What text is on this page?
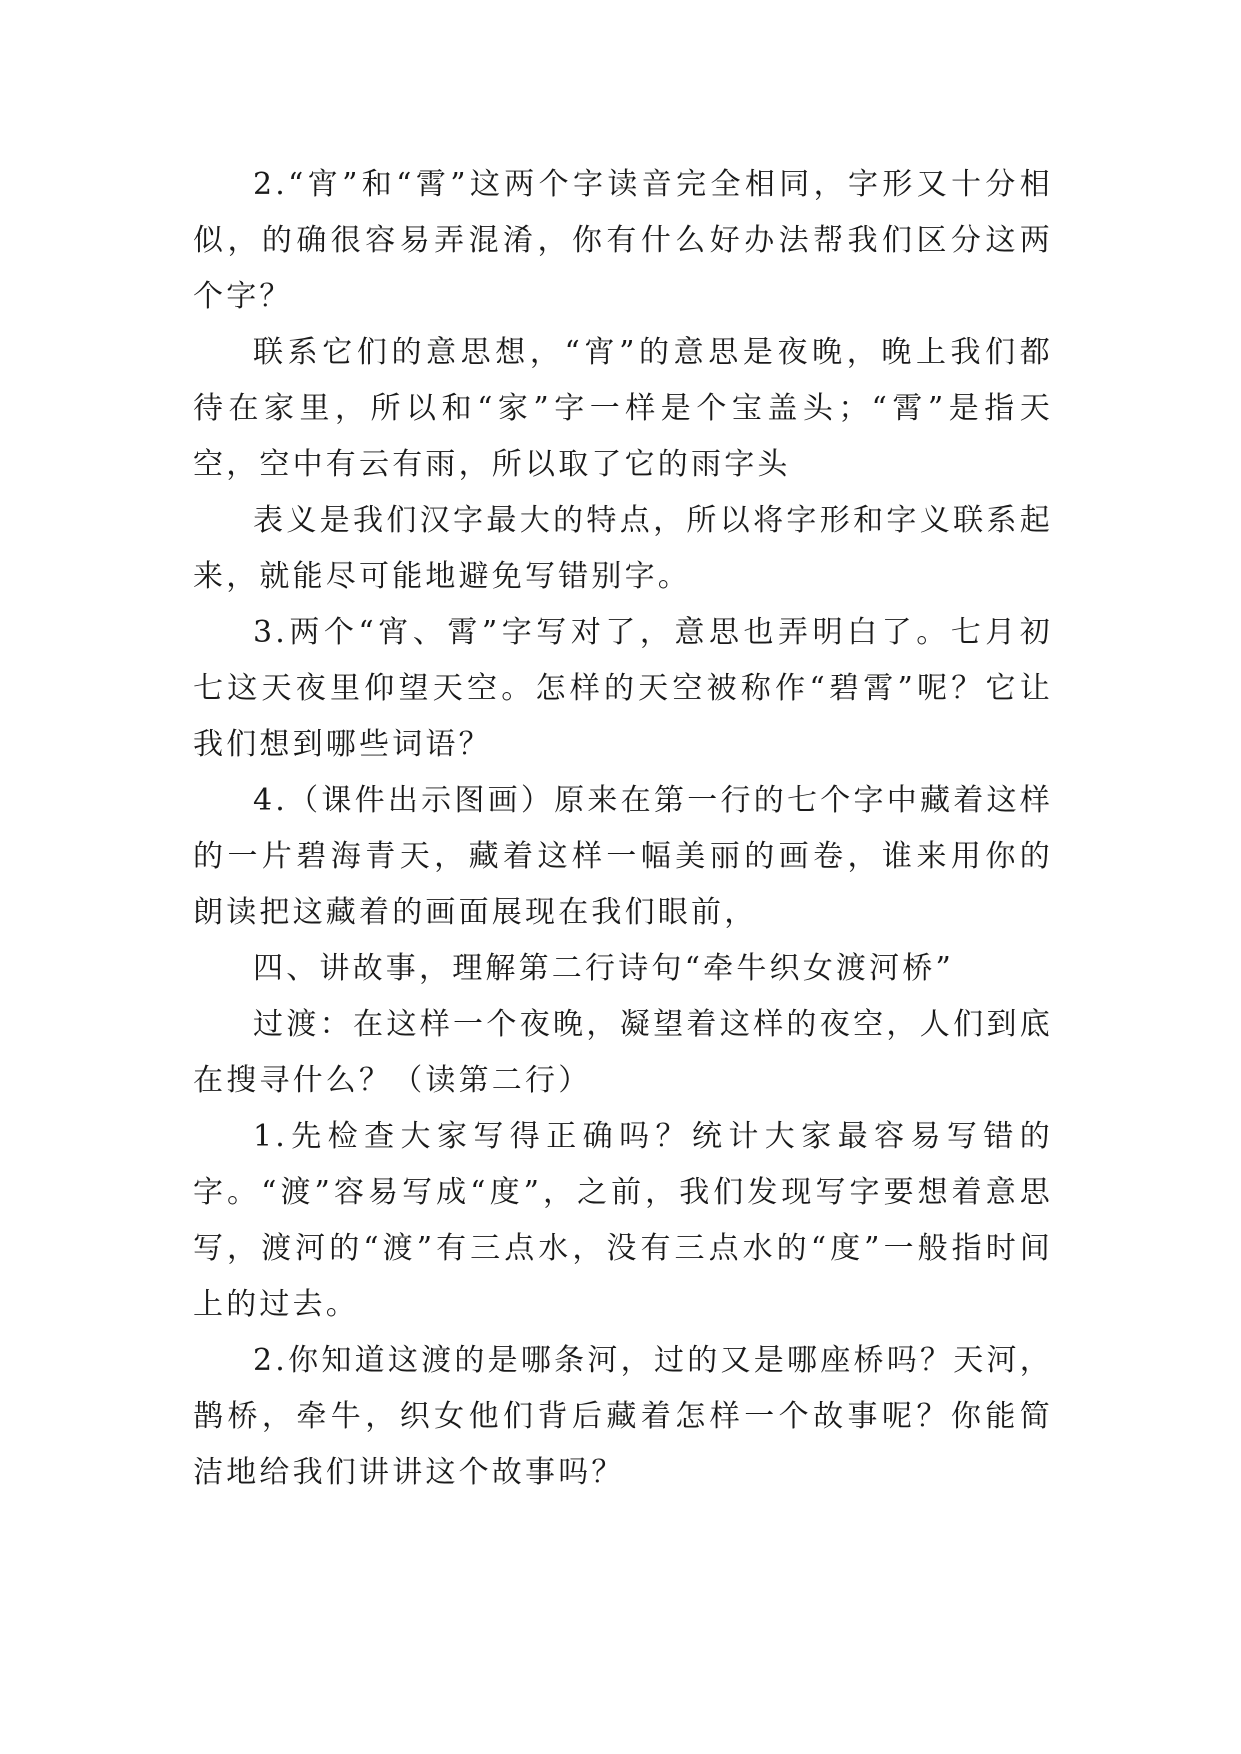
2.“宵”和“霄”这两个字读音完全相同，字形又十分相似，的确很容易弄混淆，你有什么好办法帮我们区分这两个字？

联系它们的意思想，“宵”的意思是夜晚，晚上我们都待在家里，所以和“家”字一样是个宝盖头；“霄”是指天空，空中有云有雨，所以取了它的雨字头

表义是我们汉字最大的特点，所以将字形和字义联系起来，就能尽可能地避免写错别字。

3.两个“宵、霄”字写对了，意思也弄明白了。七月初七这天夜里仰望天空。怎样的天空被称作“碧霄”呢？它让我们想到哪些词语？

4.（课件出示图画）原来在第一行的七个字中藏着这样的一片碧海青天，藏着这样一幅美丽的画卷，谁来用你的朗读把这藏着的画面展现在我们眼前，

四、讲故事，理解第二行诗句“牵牛织女渡河桥”

过渡：在这样一个夜晚，凝望着这样的夜空，人们到底在搜寻什么？（读第二行）

1.先检查大家写得正确吗？统计大家最容易写错的字。“渡”容易写成“度”，之前，我们发现写字要想着意思写，渡河的“渡”有三点水，没有三点水的“度”一般指时间上的过去。

2.你知道这渡的是哪条河，过的又是哪座桥吗？天河，鹊桥，牵牛，织女他们背后藏着怎样一个故事呢？你能简洁地给我们讲讲这个故事吗？
